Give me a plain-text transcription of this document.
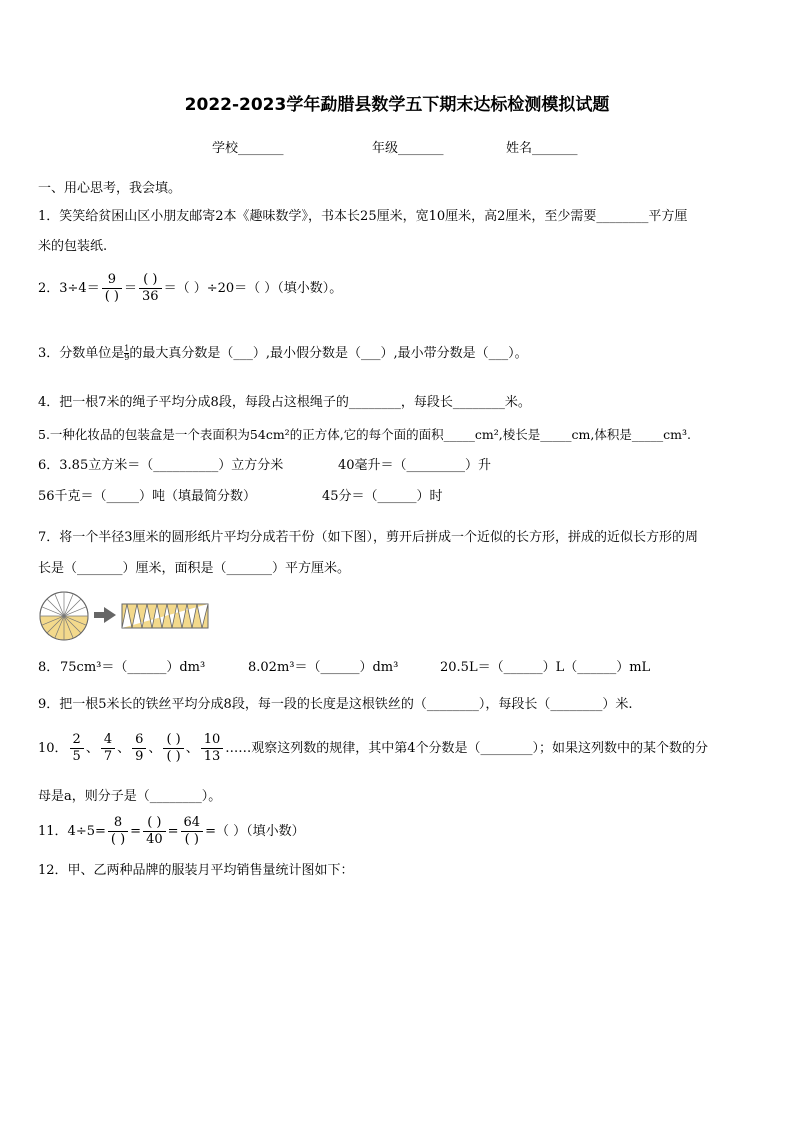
2022-2023学年勐腊县数学五下期末达标检测模拟试题
学校_______	年级_______	姓名_______
一、用心思考，我会填。
1．笑笑给贫困山区小朋友邮寄2本《趣味数学》，书本长25厘米，宽10厘米，高2厘米，至少需要________平方厘
米的包装纸.
2．$3\div 4= \frac{9}{( )} = \frac{( )}{36}$ ＝（ ）÷20＝（ ）（填小数）。
3．分数单位是 $\frac{1}{9}$ 的最大真分数是（___）,最小假分数是（___）,最小带分数是（___）。
4．把一根7米的绳子平均分成8段，每段占这根绳子的________，每段长________米。
5.一种化妆品的包装盒是一个表面积为54cm²的正方体,它的每个面的面积_____cm²,棱长是_____cm,体积是_____cm³.
6．3.85立方米＝（__________）立方分米	40毫升＝（_________）升
56千克＝（_____）吨（填最简分数）	45分＝（______）时
7．将一个半径3厘米的圆形纸片平均分成若干份（如下图），剪开后拼成一个近似的长方形，拼成的近似长方形的周
长是（_______）厘米，面积是（_______）平方厘米。
8． 75cm³＝（______）dm³	8.02m³＝（______）dm³	20.5L＝（______）L（______）mL
9．把一根5米长的铁丝平均分成8段，每一段的长度是这根铁丝的（________），每段长（________）米.
10． $\frac{2}{5}$ 、 $\frac{4}{7}$ 、 $\frac{6}{9}$ 、 $\frac{( )}{( )}$ 、 $\frac{10}{13}$ ……观察这列数的规律，其中第4个分数是（________）；如果这列数中的某个数的分
母是a，则分子是（________）。
11．$4\div 5= \frac{8}{( )} = \frac{( )}{40} = \frac{64}{( )}$ =（ ）（填小数）
12．甲、乙两种品牌的服装月平均销售量统计图如下：
